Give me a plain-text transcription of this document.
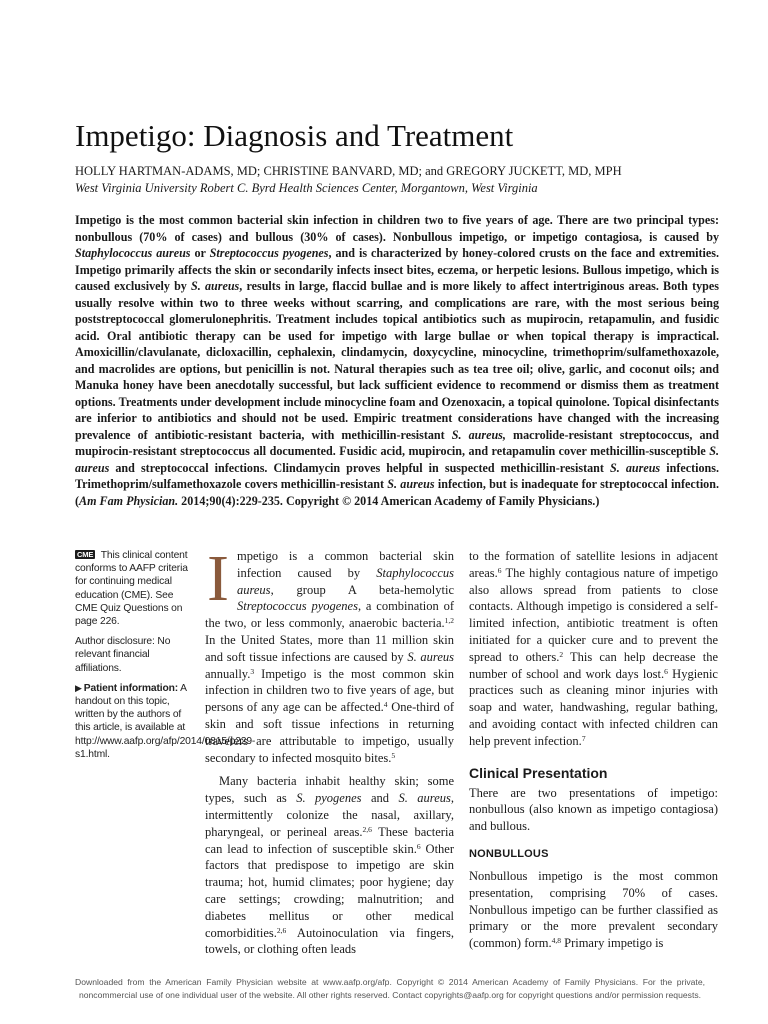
Impetigo: Diagnosis and Treatment
HOLLY HARTMAN-ADAMS, MD; CHRISTINE BANVARD, MD; and GREGORY JUCKETT, MD, MPH
West Virginia University Robert C. Byrd Health Sciences Center, Morgantown, West Virginia

Impetigo is the most common bacterial skin infection in children two to five years of age. There are two principal types: nonbullous (70% of cases) and bullous (30% of cases). Nonbullous impetigo, or impetigo contagiosa, is caused by Staphylococcus aureus or Streptococcus pyogenes, and is characterized by honey-colored crusts on the face and extremities. Impetigo primarily affects the skin or secondarily infects insect bites, eczema, or herpetic lesions. Bullous impetigo, which is caused exclusively by S. aureus, results in large, flaccid bullae and is more likely to affect intertriginous areas. Both types usually resolve within two to three weeks without scarring, and complications are rare, with the most serious being poststreptococcal glomerulonephritis. Treatment includes topical antibiotics such as mupirocin, retapamulin, and fusidic acid. Oral antibiotic therapy can be used for impetigo with large bullae or when topical therapy is impractical. Amoxicillin/clavulanate, dicloxacillin, cephalexin, clindamycin, doxycycline, minocycline, trimethoprim/sulfamethoxazole, and macrolides are options, but penicillin is not. Natural therapies such as tea tree oil; olive, garlic, and coconut oils; and Manuka honey have been anecdotally successful, but lack sufficient evidence to recommend or dismiss them as treatment options. Treatments under development include minocycline foam and Ozenoxacin, a topical quinolone. Topical disinfectants are inferior to antibiotics and should not be used. Empiric treatment considerations have changed with the increasing prevalence of antibiotic-resistant bacteria, with methicillin-resistant S. aureus, macrolide-resistant streptococcus, and mupirocin-resistant streptococcus all documented. Fusidic acid, mupirocin, and retapamulin cover methicillin-susceptible S. aureus and streptococcal infections. Clindamycin proves helpful in suspected methicillin-resistant S. aureus infections. Trimethoprim/sulfamethoxazole covers methicillin-resistant S. aureus infection, but is inadequate for streptococcal infection. (Am Fam Physician. 2014;90(4):229-235. Copyright © 2014 American Academy of Family Physicians.)

CME This clinical content conforms to AAFP criteria for continuing medical education (CME). See CME Quiz Questions on page 226.

Author disclosure: No relevant financial affiliations.

▶ Patient information: A handout on this topic, written by the authors of this article, is available at http://www.aafp.org/afp/2014/0815/p229-s1.html.

Impetigo is a common bacterial skin infection caused by Staphylococcus aureus, group A beta-hemolytic Streptococcus pyogenes, a combination of the two, or less commonly, anaerobic bacteria.$^{1,2}$ In the United States, more than 11 million skin and soft tissue infections are caused by S. aureus annually.$^3$ Impetigo is the most common skin infection in children two to five years of age, but persons of any age can be affected.$^4$ One-third of skin and soft tissue infections in returning travelers are attributable to impetigo, usually secondary to infected mosquito bites.$^5$

Many bacteria inhabit healthy skin; some types, such as S. pyogenes and S. aureus, intermittently colonize the nasal, axillary, pharyngeal, or perineal areas.$^{2,6}$ These bacteria can lead to infection of susceptible skin.$^6$ Other factors that predispose to impetigo are skin trauma; hot, humid climates; poor hygiene; day care settings; crowding; malnutrition; and diabetes mellitus or other medical comorbidities.$^{2,6}$ Autoinoculation via fingers, towels, or clothing often leads

to the formation of satellite lesions in adjacent areas.$^6$ The highly contagious nature of impetigo also allows spread from patients to close contacts. Although impetigo is considered a self-limited infection, antibiotic treatment is often initiated for a quicker cure and to prevent the spread to others.$^2$ This can help decrease the number of school and work days lost.$^6$ Hygienic practices such as cleaning minor injuries with soap and water, handwashing, regular bathing, and avoiding contact with infected children can help prevent infection.$^7$

Clinical Presentation

There are two presentations of impetigo: nonbullous (also known as impetigo contagiosa) and bullous.

NONBULLOUS

Nonbullous impetigo is the most common presentation, comprising 70% of cases. Nonbullous impetigo can be further classified as primary or the more prevalent secondary (common) form.$^{4,8}$ Primary impetigo is

Downloaded from the American Family Physician website at www.aafp.org/afp. Copyright © 2014 American Academy of Family Physicians. For the private, noncommercial use of one individual user of the website. All other rights reserved. Contact copyrights@aafp.org for copyright questions and/or permission requests.
